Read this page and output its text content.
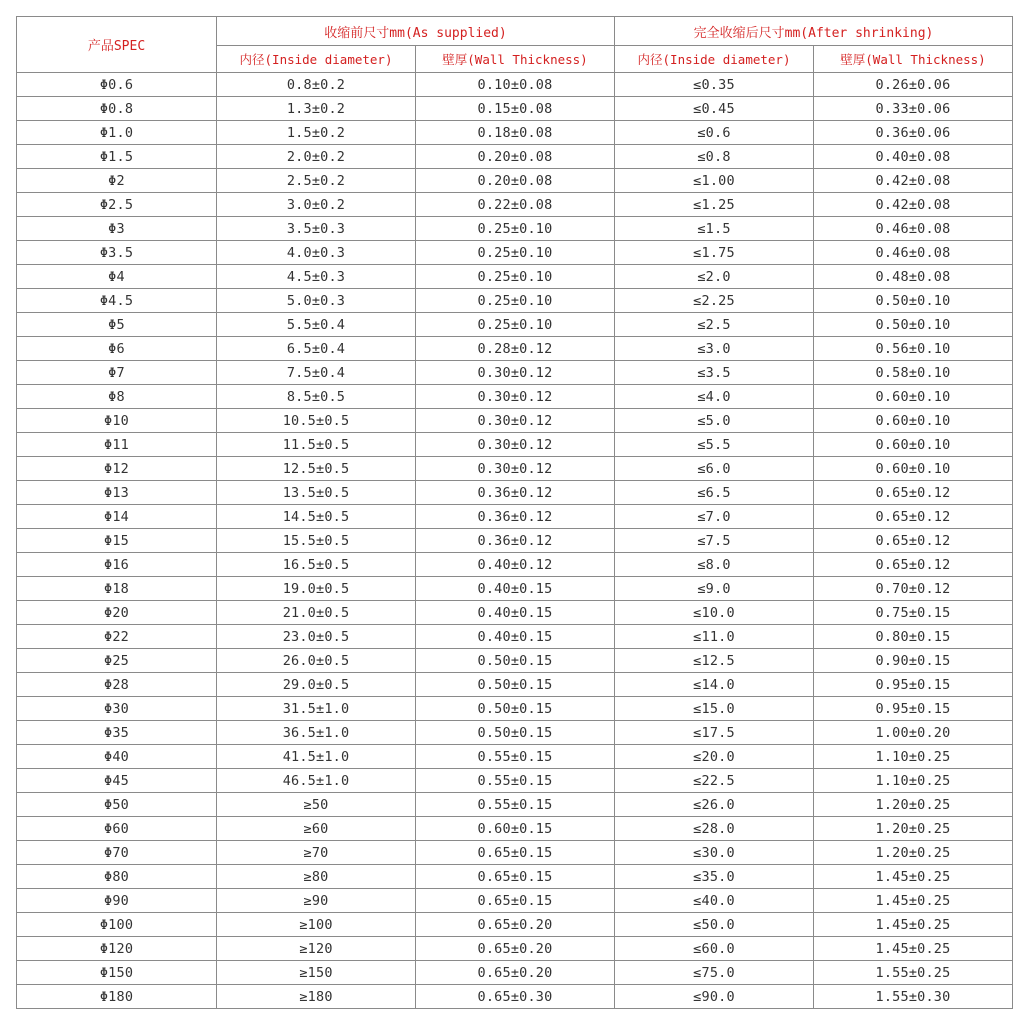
产品SPEC	收缩前尺寸mm(As supplied)		完全收缩后尺寸mm(After shrinking)	
	内径(Inside diameter)	壁厚(Wall Thickness)	内径(Inside diameter)	壁厚(Wall Thickness)
Φ0.6	0.8±0.2	0.10±0.08	≤0.35	0.26±0.06
Φ0.8	1.3±0.2	0.15±0.08	≤0.45	0.33±0.06
Φ1.0	1.5±0.2	0.18±0.08	≤0.6	0.36±0.06
Φ1.5	2.0±0.2	0.20±0.08	≤0.8	0.40±0.08
Φ2	2.5±0.2	0.20±0.08	≤1.00	0.42±0.08
Φ2.5	3.0±0.2	0.22±0.08	≤1.25	0.42±0.08
Φ3	3.5±0.3	0.25±0.10	≤1.5	0.46±0.08
Φ3.5	4.0±0.3	0.25±0.10	≤1.75	0.46±0.08
Φ4	4.5±0.3	0.25±0.10	≤2.0	0.48±0.08
Φ4.5	5.0±0.3	0.25±0.10	≤2.25	0.50±0.10
Φ5	5.5±0.4	0.25±0.10	≤2.5	0.50±0.10
Φ6	6.5±0.4	0.28±0.12	≤3.0	0.56±0.10
Φ7	7.5±0.4	0.30±0.12	≤3.5	0.58±0.10
Φ8	8.5±0.5	0.30±0.12	≤4.0	0.60±0.10
Φ10	10.5±0.5	0.30±0.12	≤5.0	0.60±0.10
Φ11	11.5±0.5	0.30±0.12	≤5.5	0.60±0.10
Φ12	12.5±0.5	0.30±0.12	≤6.0	0.60±0.10
Φ13	13.5±0.5	0.36±0.12	≤6.5	0.65±0.12
Φ14	14.5±0.5	0.36±0.12	≤7.0	0.65±0.12
Φ15	15.5±0.5	0.36±0.12	≤7.5	0.65±0.12
Φ16	16.5±0.5	0.40±0.12	≤8.0	0.65±0.12
Φ18	19.0±0.5	0.40±0.15	≤9.0	0.70±0.12
Φ20	21.0±0.5	0.40±0.15	≤10.0	0.75±0.15
Φ22	23.0±0.5	0.40±0.15	≤11.0	0.80±0.15
Φ25	26.0±0.5	0.50±0.15	≤12.5	0.90±0.15
Φ28	29.0±0.5	0.50±0.15	≤14.0	0.95±0.15
Φ30	31.5±1.0	0.50±0.15	≤15.0	0.95±0.15
Φ35	36.5±1.0	0.50±0.15	≤17.5	1.00±0.20
Φ40	41.5±1.0	0.55±0.15	≤20.0	1.10±0.25
Φ45	46.5±1.0	0.55±0.15	≤22.5	1.10±0.25
Φ50	≥50	0.55±0.15	≤26.0	1.20±0.25
Φ60	≥60	0.60±0.15	≤28.0	1.20±0.25
Φ70	≥70	0.65±0.15	≤30.0	1.20±0.25
Φ80	≥80	0.65±0.15	≤35.0	1.45±0.25
Φ90	≥90	0.65±0.15	≤40.0	1.45±0.25
Φ100	≥100	0.65±0.20	≤50.0	1.45±0.25
Φ120	≥120	0.65±0.20	≤60.0	1.45±0.25
Φ150	≥150	0.65±0.20	≤75.0	1.55±0.25
Φ180	≥180	0.65±0.30	≤90.0	1.55±0.30
